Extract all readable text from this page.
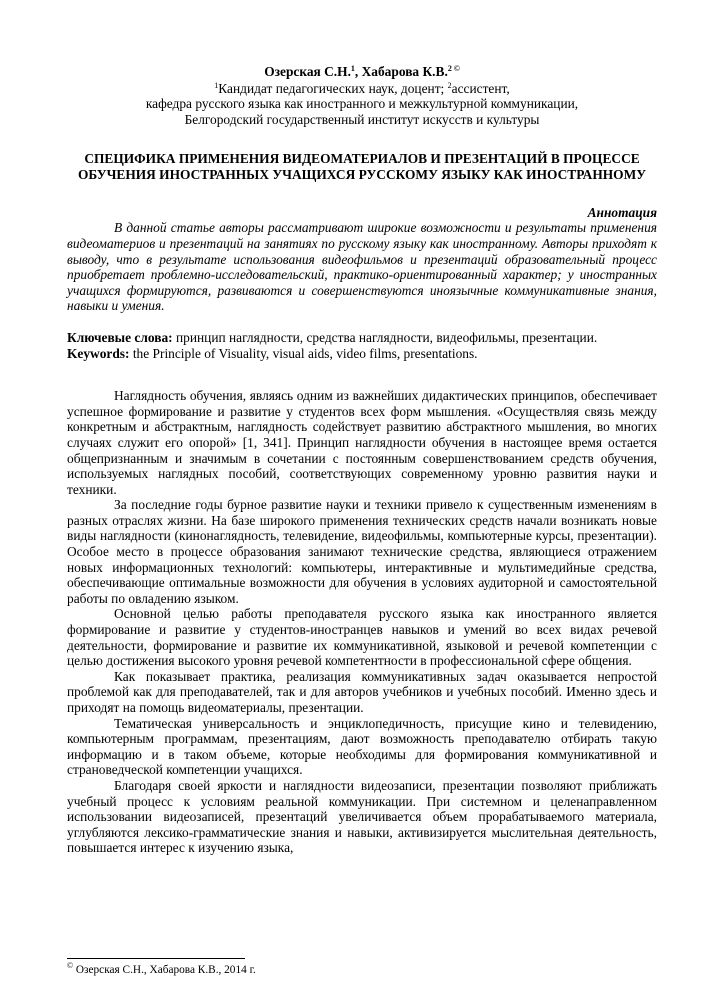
Озерская С.Н.$^1$, Хабарова К.В.$^{2 ©}$
$^1$Кандидат педагогических наук, доцент; $^2$ассистент,
кафедра русского языка как иностранного и межкультурной коммуникации,
Белгородский государственный институт искусств и культуры
СПЕЦИФИКА ПРИМЕНЕНИЯ ВИДЕОМАТЕРИАЛОВ И ПРЕЗЕНТАЦИЙ В ПРОЦЕССЕ ОБУЧЕНИЯ ИНОСТРАННЫХ УЧАЩИХСЯ РУССКОМУ ЯЗЫКУ КАК ИНОСТРАННОМУ
Аннотация
В данной статье авторы рассматривают широкие возможности и результаты применения видеоматериов и презентаций на занятиях по русскому языку как иностранному. Авторы приходят к выводу, что в результате использования видеофильмов и презентаций образовательный процесс приобретает проблемно-исследовательский, практико-ориентированный характер; у иностранных учащихся формируются, развиваются и совершенствуются иноязычные коммуникативные знания, навыки и умения.
Ключевые слова: принцип наглядности, средства наглядности, видеофильмы, презентации.
Keywords: the Principle of Visuality, visual aids, video films, presentations.

Наглядность обучения, являясь одним из важнейших дидактических принципов, обеспечивает успешное формирование и развитие у студентов всех форм мышления. «Осуществляя связь между конкретным и абстрактным, наглядность содействует развитию абстрактного мышления, во многих случаях служит его опорой» [1, 341]. Принцип наглядности обучения в настоящее время остается общепризнанным и значимым в сочетании с постоянным совершенствованием средств обучения, используемых наглядных пособий, соответствующих современному уровню развития науки и техники.

За последние годы бурное развитие науки и техники привело к существенным изменениям в разных отраслях жизни. На базе широкого применения технических средств начали возникать новые виды наглядности (кинонаглядность, телевидение, видеофильмы, компьютерные курсы, презентации). Особое место в процессе образования занимают технические средства, являющиеся отражением новых информационных технологий: компьютеры, интерактивные и мультимедийные средства, обеспечивающие оптимальные возможности для обучения в условиях аудиторной и самостоятельной работы по овладению языком.

Основной целью работы преподавателя русского языка как иностранного является формирование и развитие у студентов-иностранцев навыков и умений во всех видах речевой деятельности, формирование и развитие их коммуникативной, языковой и речевой компетенции с целью достижения высокого уровня речевой компетентности в профессиональной сфере общения.

Как показывает практика, реализация коммуникативных задач оказывается непростой проблемой как для преподавателей, так и для авторов учебников и учебных пособий. Именно здесь и приходят на помощь видеоматериалы, презентации.

Тематическая универсальность и энциклопедичность, присущие кино и телевидению, компьютерным программам, презентациям, дают возможность преподавателю отбирать такую информацию и в таком объеме, которые необходимы для формирования коммуникативной и страноведческой компетенции учащихся.

Благодаря своей яркости и наглядности видеозаписи, презентации позволяют приближать учебный процесс к условиям реальной коммуникации. При системном и целенаправленном использовании видеозаписей, презентаций увеличивается объем прорабатываемого материала, углубляются лексико-грамматические знания и навыки, активизируется мыслительная деятельность, повышается интерес к изучению языка,

© Озерская С.Н., Хабарова К.В., 2014 г.
